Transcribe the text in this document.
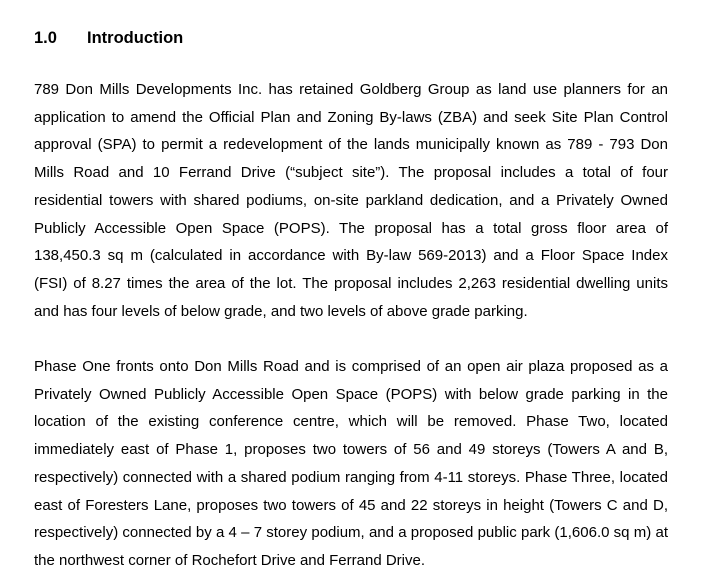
1.0 Introduction

789 Don Mills Developments Inc. has retained Goldberg Group as land use planners for an application to amend the Official Plan and Zoning By-laws (ZBA) and seek Site Plan Control approval (SPA) to permit a redevelopment of the lands municipally known as 789 - 793 Don Mills Road and 10 Ferrand Drive (“subject site”). The proposal includes a total of four residential towers with shared podiums, on-site parkland dedication, and a Privately Owned Publicly Accessible Open Space (POPS). The proposal has a total gross floor area of 138,450.3 sq m (calculated in accordance with By-law 569-2013) and a Floor Space Index (FSI) of 8.27 times the area of the lot. The proposal includes 2,263 residential dwelling units and has four levels of below grade, and two levels of above grade parking.

Phase One fronts onto Don Mills Road and is comprised of an open air plaza proposed as a Privately Owned Publicly Accessible Open Space (POPS) with below grade parking in the location of the existing conference centre, which will be removed. Phase Two, located immediately east of Phase 1, proposes two towers of 56 and 49 storeys (Towers A and B, respectively) connected with a shared podium ranging from 4-11 storeys. Phase Three, located east of Foresters Lane, proposes two towers of 45 and 22 storeys in height (Towers C and D, respectively) connected by a 4 – 7 storey podium, and a proposed public park (1,606.0 sq m) at the northwest corner of Rochefort Drive and Ferrand Drive.
